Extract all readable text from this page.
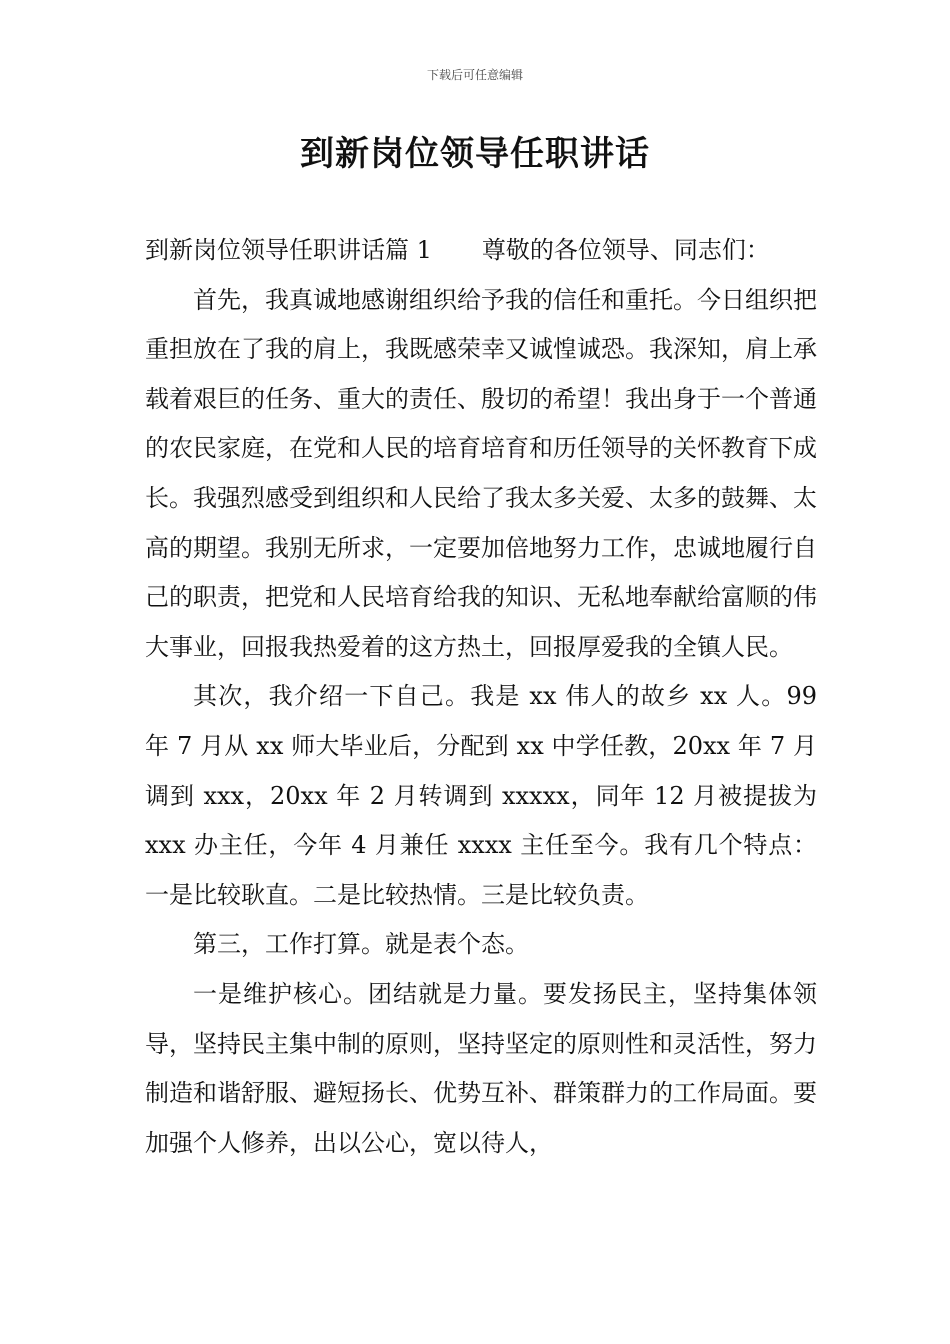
下载后可任意编辑
到新岗位领导任职讲话

到新岗位领导任职讲话篇 1 尊敬的各位领导、同志们：

首先，我真诚地感谢组织给予我的信任和重托。今日组织把重担放在了我的肩上，我既感荣幸又诚惶诚恐。我深知，肩上承载着艰巨的任务、重大的责任、殷切的希望！我出身于一个普通的农民家庭，在党和人民的培育培育和历任领导的关怀教育下成长。我强烈感受到组织和人民给了我太多关爱、太多的鼓舞、太高的期望。我别无所求，一定要加倍地努力工作，忠诚地履行自己的职责，把党和人民培育给我的知识、无私地奉献给富顺的伟大事业，回报我热爱着的这方热土，回报厚爱我的全镇人民。

其次，我介绍一下自己。我是 xx 伟人的故乡 xx 人。99 年 7 月从 xx 师大毕业后，分配到 xx 中学任教，20xx 年 7 月调到 xxx，20xx 年 2 月转调到 xxxxx，同年 12 月被提拔为 xxx 办主任，今年 4 月兼任 xxxx 主任至今。我有几个特点：一是比较耿直。二是比较热情。三是比较负责。

第三，工作打算。就是表个态。

一是维护核心。团结就是力量。要发扬民主，坚持集体领导，坚持民主集中制的原则，坚持坚定的原则性和灵活性，努力制造和谐舒服、避短扬长、优势互补、群策群力的工作局面。要加强个人修养，出以公心，宽以待人，
